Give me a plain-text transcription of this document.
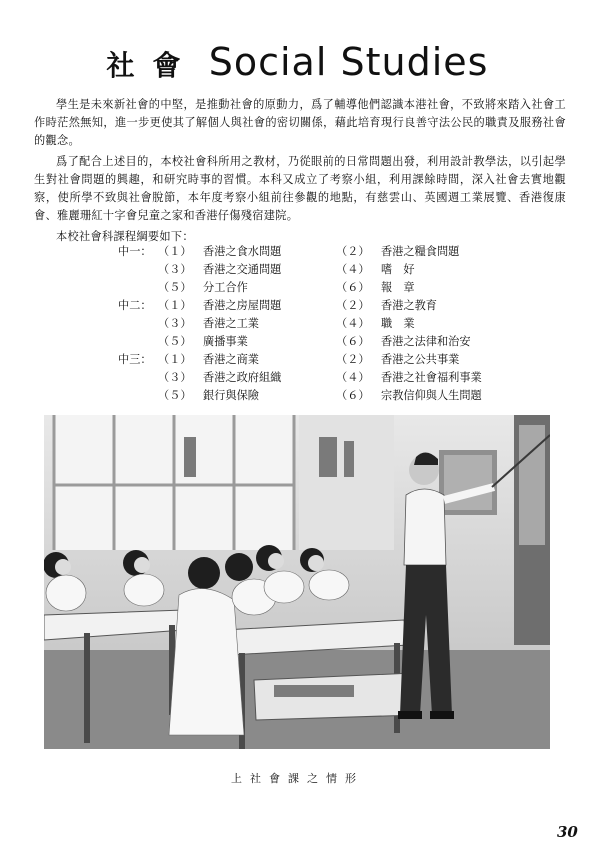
社會 Social Studies

學生是未來新社會的中堅，是推動社會的原動力，爲了輔導他們認識本港社會，不致將來踏入社會工作時茫然無知，進一步更使其了解個人與社會的密切關係，藉此培育現行良善守法公民的職責及服務社會的觀念。

爲了配合上述目的，本校社會科所用之教材，乃從眼前的日常問題出發，利用設計教學法，以引起學生對社會問題的興趣，和研究時事的習慣。本科又成立了考察小組，利用課餘時間，深入社會去實地觀察，使所學不致與社會脫節，本年度考察小組前往參觀的地點，有慈雲山、英國週工業展覽、香港復康會、雅麗珊紅十字會兒童之家和香港仔傷殘宿建院。

本校社會科課程綱要如下：

中一： （１） 香港之食水問題	（２） 香港之糧食問題
（３） 香港之交通問題	（４） 嗜　好
（５） 分工合作	（６） 報　章
中二： （１） 香港之房屋問題	（２） 香港之教育
（３） 香港之工業	（４） 職　業
（５） 廣播事業	（６） 香港之法律和治安
中三： （１） 香港之商業	（２） 香港之公共事業
（３） 香港之政府組織	（４） 香港之社會福利事業
（５） 銀行與保險	（６） 宗教信仰與人生問題
上社會課之情形
30
